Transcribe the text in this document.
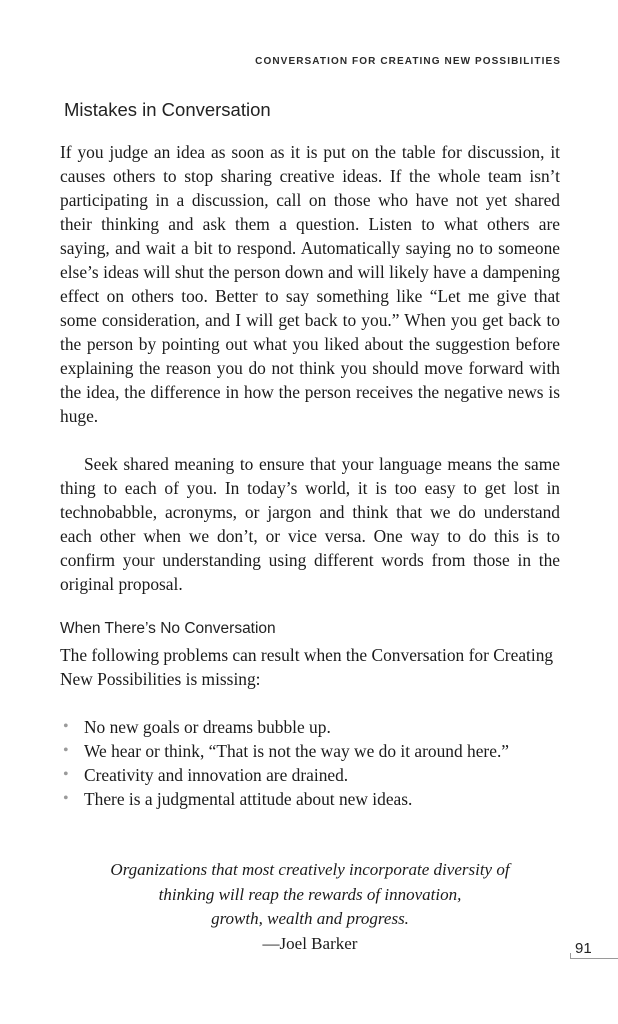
CONVERSATION FOR CREATING NEW POSSIBILITIES
Mistakes in Conversation

If you judge an idea as soon as it is put on the table for discussion, it causes others to stop sharing creative ideas. If the whole team isn’t participating in a discussion, call on those who have not yet shared their thinking and ask them a question. Listen to what others are saying, and wait a bit to respond. Automatically saying no to someone else’s ideas will shut the person down and will likely have a dampening effect on others too. Better to say something like “Let me give that some consideration, and I will get back to you.” When you get back to the person by pointing out what you liked about the suggestion before explaining the reason you do not think you should move forward with the idea, the difference in how the person receives the negative news is huge.

Seek shared meaning to ensure that your language means the same thing to each of you. In today’s world, it is too easy to get lost in technobabble, acronyms, or jargon and think that we do understand each other when we don’t, or vice versa. One way to do this is to confirm your understanding using different words from those in the original proposal.

When There’s No Conversation

The following problems can result when the Conversation for Creating New Possibilities is missing:

• No new goals or dreams bubble up.
• We hear or think, “That is not the way we do it around here.”
• Creativity and innovation are drained.
• There is a judgmental attitude about new ideas.
Organizations that most creatively incorporate diversity of
thinking will reap the rewards of innovation,
growth, wealth and progress.
—Joel Barker	91
